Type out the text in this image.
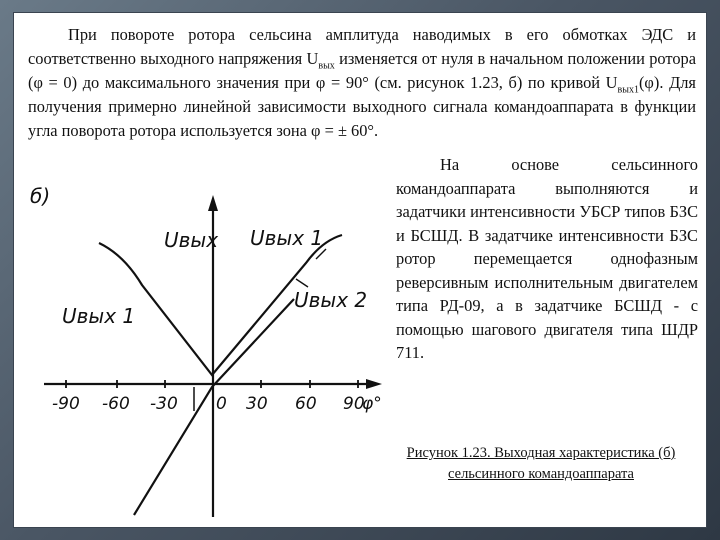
При повороте ротора сельсина амплитуда наводимых в его обмотках ЭДС и соответственно выходного напряжения $U_{вых}$ изменяется от нуля в начальном положении ротора (φ = 0) до максимального значения при φ = 90° (см. рисунок 1.23, б) по кривой $U_{вых1}(\varphi)$. Для получения примерно линейной зависимости выходного сигнала командоаппарата в функции угла поворота ротора используется зона φ = ± 60°.

На основе сельсинного командоаппарата выполняются и задатчики интенсивности УБСР типов БЗС и БСШД. В задатчике интенсивности БЗС ротор перемещается однофазным реверсивным исполнительным двигателем типа РД-09, а в задатчике БСШД - с помощью шагового двигателя типа ШДР 711.

б)
Uвых Uвых 1
Uвых 2
Uвых 1
-90 -60 -30 0 30 60 90
φ°
Рисунок 1.23. Выходная характеристика (б) сельсинного командоаппарата
